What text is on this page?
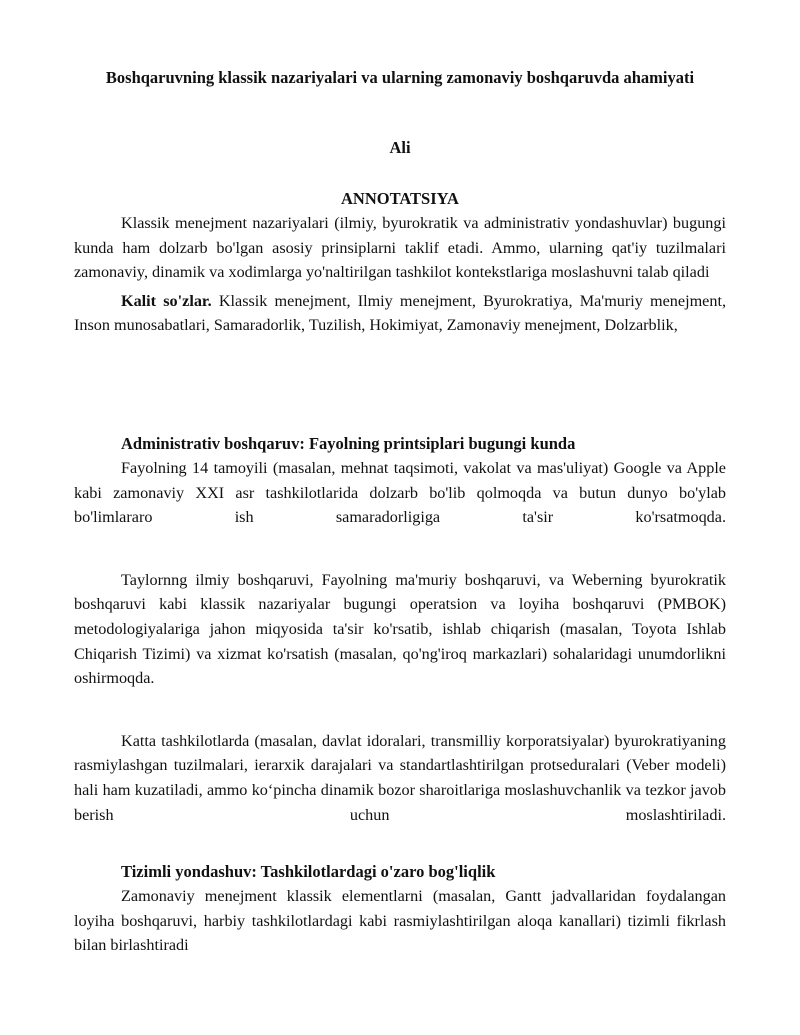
Boshqaruvning klassik nazariyalari va ularning zamonaviy boshqaruvda ahamiyati
Ali
ANNOTATSIYA

Klassik menejment nazariyalari (ilmiy, byurokratik va administrativ yondashuvlar) bugungi kunda ham dolzarb bo'lgan asosiy prinsiplarni taklif etadi. Ammo, ularning qat'iy tuzilmalari zamonaviy, dinamik va xodimlarga yo'naltirilgan tashkilot kontekstlariga moslashuvni talab qiladi

Kalit so'zlar. Klassik menejment, Ilmiy menejment, Byurokratiya, Ma'muriy menejment, Inson munosabatlari, Samaradorlik, Tuzilish, Hokimiyat, Zamonaviy menejment, Dolzarblik,

Administrativ boshqaruv: Fayolning printsiplari bugungi kunda

Fayolning 14 tamoyili (masalan, mehnat taqsimoti, vakolat va mas'uliyat) Google va Apple kabi zamonaviy XXI asr tashkilotlarida dolzarb bo'lib qolmoqda va butun dunyo bo'ylab bo'limlararo ish samaradorligiga ta'sir ko'rsatmoqda.

Taylornng ilmiy boshqaruvi, Fayolning ma'muriy boshqaruvi, va Weberning byurokratik boshqaruvi kabi klassik nazariyalar bugungi operatsion va loyiha boshqaruvi (PMBOK) metodologiyalariga jahon miqyosida ta'sir ko'rsatib, ishlab chiqarish (masalan, Toyota Ishlab Chiqarish Tizimi) va xizmat ko'rsatish (masalan, qo'ng'iroq markazlari) sohalaridagi unumdorlikni oshirmoqda.

Katta tashkilotlarda (masalan, davlat idoralari, transmilliy korporatsiyalar) byurokratiyaning rasmiylashgan tuzilmalari, ierarxik darajalari va standartlashtirilgan protseduralari (Veber modeli) hali ham kuzatiladi, ammo ko‘pincha dinamik bozor sharoitlariga moslashuvchanlik va tezkor javob berish uchun moslashtiriladi.

Tizimli yondashuv: Tashkilotlardagi o'zaro bog'liqlik

Zamonaviy menejment klassik elementlarni (masalan, Gantt jadvallaridan foydalangan loyiha boshqaruvi, harbiy tashkilotlardagi kabi rasmiylashtirilgan aloqa kanallari) tizimli fikrlash bilan birlashtiradi
